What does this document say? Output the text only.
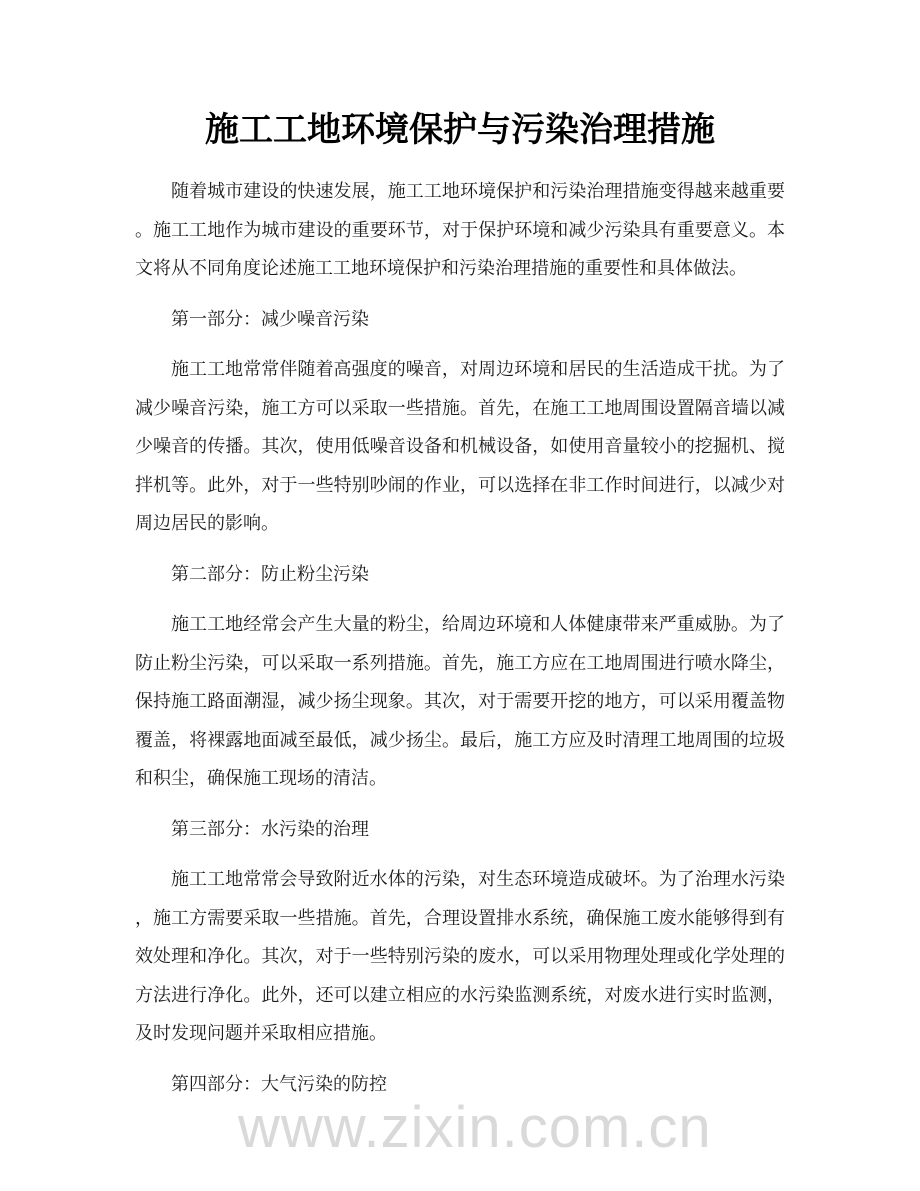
施工工地环境保护与污染治理措施
随着城市建设的快速发展，施工工地环境保护和污染治理措施变得越来越重要
。施工工地作为城市建设的重要环节，对于保护环境和减少污染具有重要意义。本
文将从不同角度论述施工工地环境保护和污染治理措施的重要性和具体做法。
第一部分：减少噪音污染
施工工地常常伴随着高强度的噪音，对周边环境和居民的生活造成干扰。为了
减少噪音污染，施工方可以采取一些措施。首先，在施工工地周围设置隔音墙以减
少噪音的传播。其次，使用低噪音设备和机械设备，如使用音量较小的挖掘机、搅
拌机等。此外，对于一些特别吵闹的作业，可以选择在非工作时间进行，以减少对
周边居民的影响。
第二部分：防止粉尘污染
施工工地经常会产生大量的粉尘，给周边环境和人体健康带来严重威胁。为了
防止粉尘污染，可以采取一系列措施。首先，施工方应在工地周围进行喷水降尘，
保持施工路面潮湿，减少扬尘现象。其次，对于需要开挖的地方，可以采用覆盖物
覆盖，将裸露地面减至最低，减少扬尘。最后，施工方应及时清理工地周围的垃圾
和积尘，确保施工现场的清洁。
第三部分：水污染的治理
施工工地常常会导致附近水体的污染，对生态环境造成破坏。为了治理水污染
，施工方需要采取一些措施。首先，合理设置排水系统，确保施工废水能够得到有
效处理和净化。其次，对于一些特别污染的废水，可以采用物理处理或化学处理的
方法进行净化。此外，还可以建立相应的水污染监测系统，对废水进行实时监测，
及时发现问题并采取相应措施。
第四部分：大气污染的防控
www.zixin.com.cn
